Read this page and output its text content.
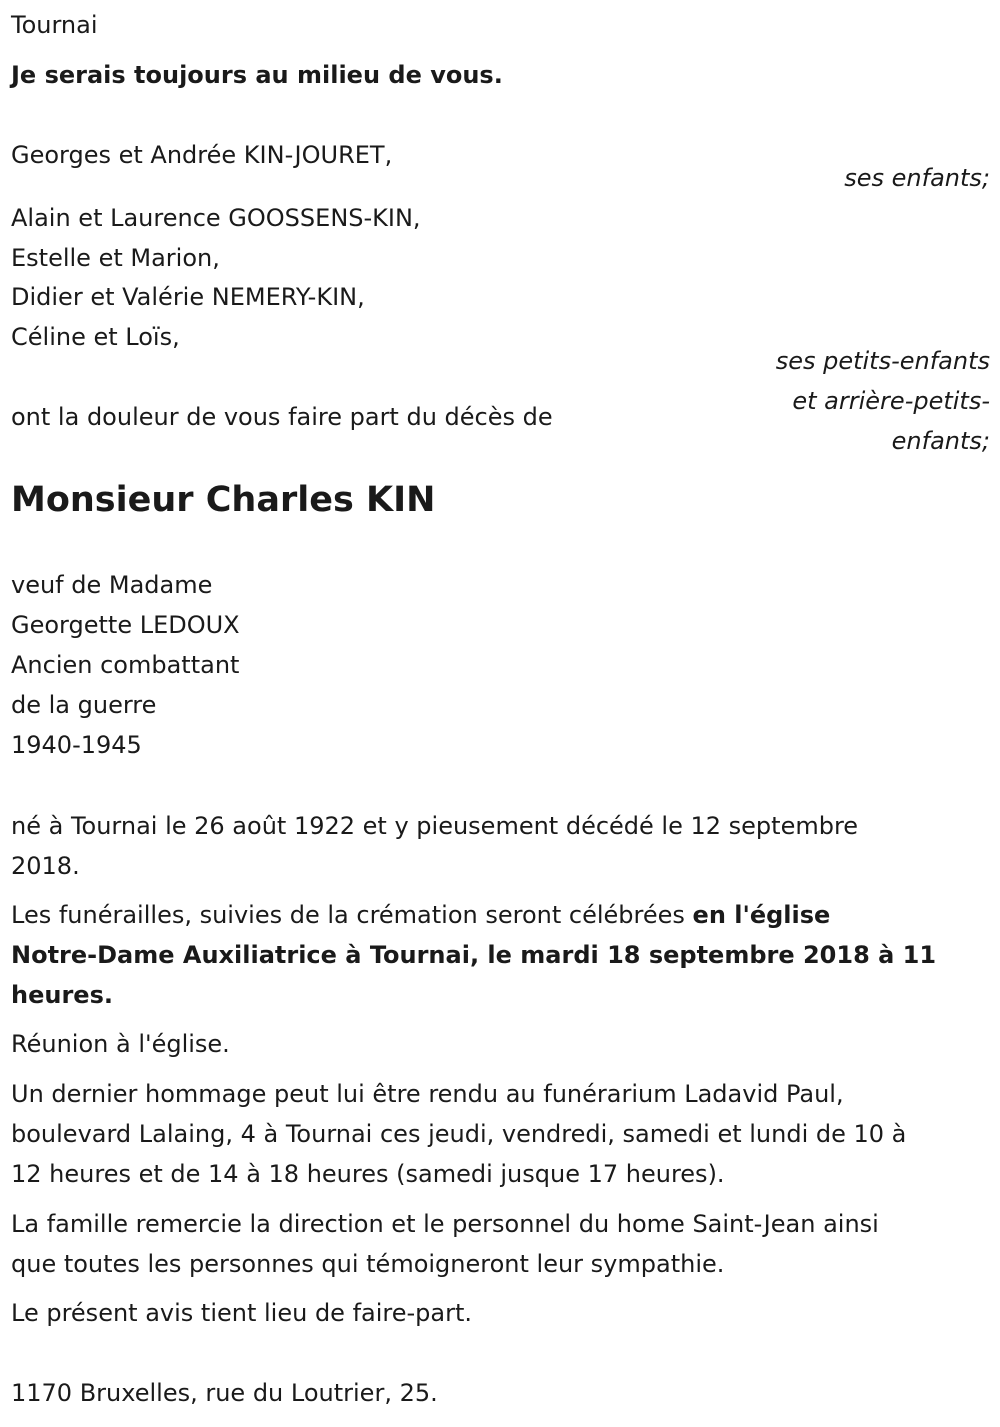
Tournai
Je serais toujours au milieu de vous.
Georges et Andrée KIN-JOURET,
ses enfants;
Alain et Laurence GOOSSENS-KIN,
Estelle et Marion,
Didier et Valérie NEMERY-KIN,
Céline et Loïs,
ses petits-enfants
et arrière-petits-
enfants;
ont la douleur de vous faire part du décès de
Monsieur Charles KIN
veuf de Madame
Georgette LEDOUX
Ancien combattant
de la guerre
1940-1945
né à Tournai le 26 août 1922 et y pieusement décédé le 12 septembre
2018.
Les funérailles, suivies de la crémation seront célébrées en l'église
Notre-Dame Auxiliatrice à Tournai, le mardi 18 septembre 2018 à 11
heures.
Réunion à l'église.
Un dernier hommage peut lui être rendu au funérarium Ladavid Paul,
boulevard Lalaing, 4 à Tournai ces jeudi, vendredi, samedi et lundi de 10 à
12 heures et de 14 à 18 heures (samedi jusque 17 heures).
La famille remercie la direction et le personnel du home Saint-Jean ainsi
que toutes les personnes qui témoigneront leur sympathie.
Le présent avis tient lieu de faire-part.
1170 Bruxelles, rue du Loutrier, 25.
